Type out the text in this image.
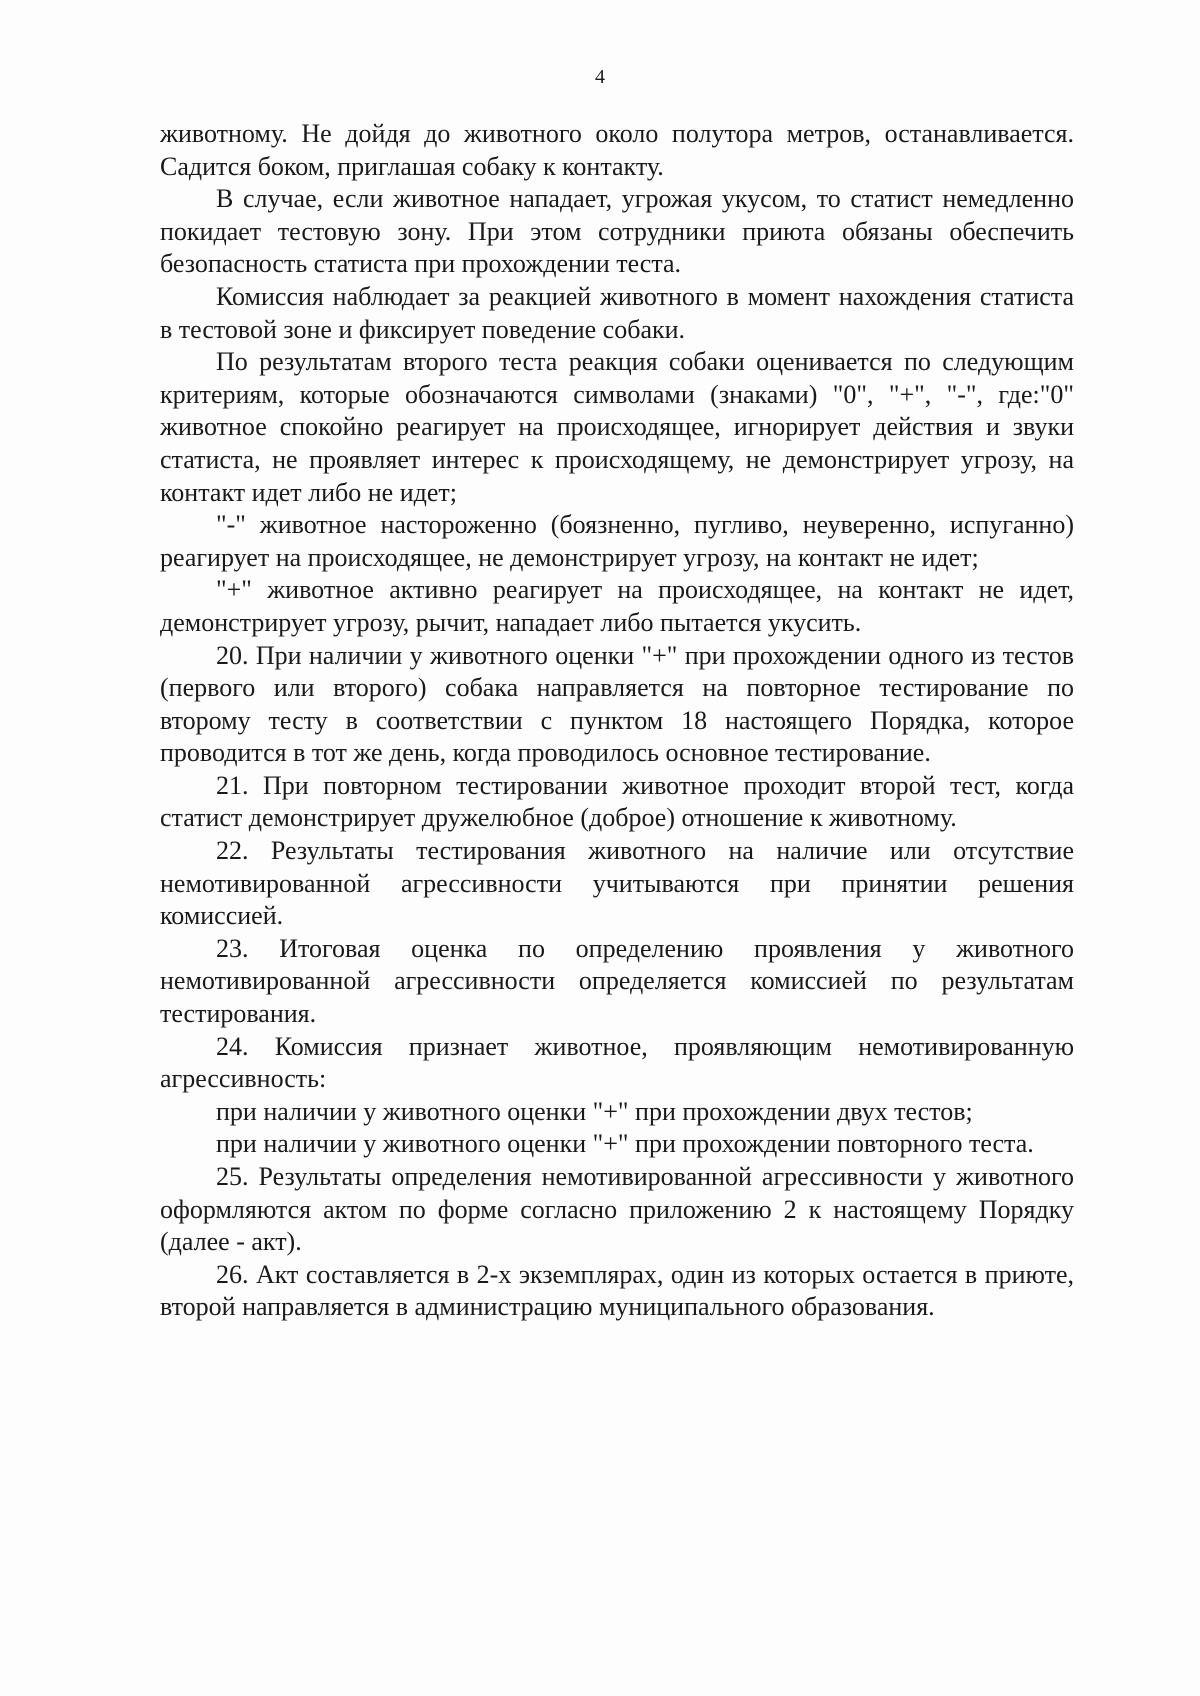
4

животному. Не дойдя до животного около полутора метров, останавливается. Садится боком, приглашая собаку к контакту.

В случае, если животное нападает, угрожая укусом, то статист немедленно покидает тестовую зону. При этом сотрудники приюта обязаны обеспечить безопасность статиста при прохождении теста.

Комиссия наблюдает за реакцией животного в момент нахождения статиста в тестовой зоне и фиксирует поведение собаки.

По результатам второго теста реакция собаки оценивается по следующим критериям, которые обозначаются символами (знаками) "0", "+", "-", где:"0" животное спокойно реагирует на происходящее, игнорирует действия и звуки статиста, не проявляет интерес к происходящему, не демонстрирует угрозу, на контакт идет либо не идет;

"-" животное настороженно (боязненно, пугливо, неуверенно, испуганно) реагирует на происходящее, не демонстрирует угрозу, на контакт не идет;

"+" животное активно реагирует на происходящее, на контакт не идет, демонстрирует угрозу, рычит, нападает либо пытается укусить.

20. При наличии у животного оценки "+" при прохождении одного из тестов (первого или второго) собака направляется на повторное тестирование по второму тесту в соответствии с пунктом 18 настоящего Порядка, которое проводится в тот же день, когда проводилось основное тестирование.

21. При повторном тестировании животное проходит второй тест, когда статист демонстрирует дружелюбное (доброе) отношение к животному.

22. Результаты тестирования животного на наличие или отсутствие немотивированной агрессивности учитываются при принятии решения комиссией.

23. Итоговая оценка по определению проявления у животного немотивированной агрессивности определяется комиссией по результатам тестирования.

24. Комиссия признает животное, проявляющим немотивированную агрессивность:

при наличии у животного оценки "+" при прохождении двух тестов;

при наличии у животного оценки "+" при прохождении повторного теста.

25. Результаты определения немотивированной агрессивности у животного оформляются актом по форме согласно приложению 2 к настоящему Порядку (далее - акт).

26. Акт составляется в 2-х экземплярах, один из которых остается в приюте, второй направляется в администрацию муниципального образования.
